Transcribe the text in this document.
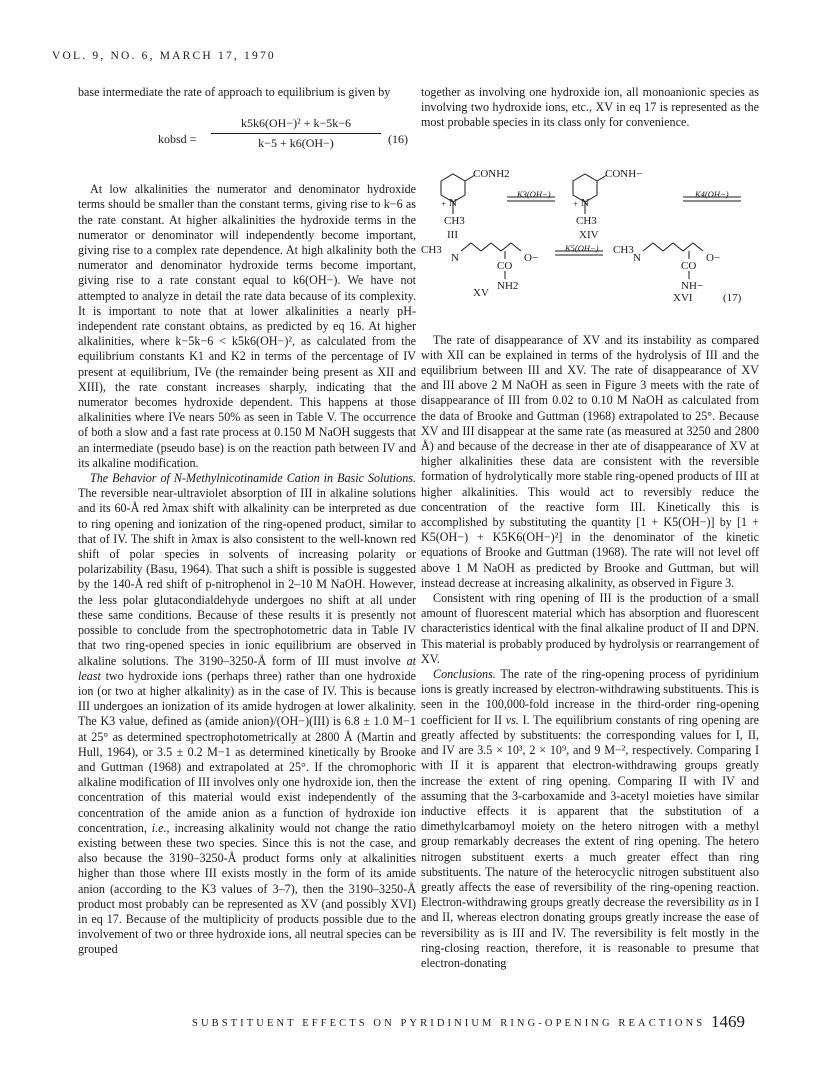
VOL. 9, NO. 6, MARCH 17, 1970

base intermediate the rate of approach to equilibrium is given by

kobsd = $\frac{\text{k5k6(OH−)² + k−5k−6}}{k-5 + k6(OH-)} (16)$

At low alkalinities the numerator and denominator hydroxide terms should be smaller than the constant terms, giving rise to k−6 as the rate constant. At higher alkalinities the hydroxide terms in the numerator or denominator will independently become important, giving rise to a complex rate dependence. At high alkalinity both the numerator and denominator hydroxide terms become important, giving rise to a rate constant equal to k6(OH−). We have not attempted to analyze in detail the rate data because of its complexity. It is important to note that at lower alkalinities a nearly pH-independent rate constant obtains, as predicted by eq 16. At higher alkalinities, where k−5k−6 < k5k6(OH−)², as calculated from the equilibrium constants K1 and K2 in terms of the percentage of IV present at equilibrium, IVe (the remainder being present as XII and XIII), the rate constant increases sharply, indicating that the numerator becomes hydroxide dependent. This happens at those alkalinities where IVe nears 50% as seen in Table V. The occurrence of both a slow and a fast rate process at 0.150 M NaOH suggests that an intermediate (pseudo base) is on the reaction path between IV and its alkaline modification.

The Behavior of N-Methylnicotinamide Cation in Basic Solutions. The reversible near-ultraviolet absorption of III in alkaline solutions and its 60-Å red λmax shift with alkalinity can be interpreted as due to ring opening and ionization of the ring-opened product, similar to that of IV. The shift in λmax is also consistent to the well-known red shift of polar species in solvents of increasing polarity or polarizability (Basu, 1964). That such a shift is possible is suggested by the 140-Å red shift of p-nitrophenol in 2–10 M NaOH. However, the less polar glutacondialdehyde undergoes no shift at all under these same conditions. Because of these results it is presently not possible to conclude from the spectrophotometric data in Table IV that two ring-opened species in ionic equilibrium are observed in alkaline solutions. The 3190–3250-Å form of III must involve at least two hydroxide ions (perhaps three) rather than one hydroxide ion (or two at higher alkalinity) as in the case of IV. This is because III undergoes an ionization of its amide hydrogen at lower alkalinity. The K3 value, defined as (amide anion)/(OH−)(III) is 6.8 ± 1.0 M−1 at 25° as determined spectrophotometrically at 2800 Å (Martin and Hull, 1964), or 3.5 ± 0.2 M−1 as determined kinetically by Brooke and Guttman (1968) and extrapolated at 25°. If the chromophoric alkaline modification of III involves only one hydroxide ion, then the concentration of this material would exist independently of the concentration of the amide anion as a function of hydroxide ion concentration, i.e., increasing alkalinity would not change the ratio existing between these two species. Since this is not the case, and also because the 3190–3250-Å product forms only at alkalinities higher than those where III exists mostly in the form of its amide anion (according to the K3 values of 3–7), then the 3190–3250-Å product most probably can be represented as XV (and possibly XVI) in eq 17. Because of the multiplicity of products possible due to the involvement of two or three hydroxide ions, all neutral species can be grouped

together as involving one hydroxide ion, all monoanionic species as involving two hydroxide ions, etc., XV in eq 17 is represented as the most probable species in its class only for convenience.

CONH2
N
+
CH3
III
K3(OH−)
CONH−
N
+
CH3
XIV
K4(OH−)
CH3
N	O−
CO
NH2
XV
K5(OH−) CH3
N	O−
CO
NH−
XVI	(17)

The rate of disappearance of XV and its instability as compared with XII can be explained in terms of the hydrolysis of III and the equilibrium between III and XV. The rate of disappearance of XV and III above 2 M NaOH as seen in Figure 3 meets with the rate of disappearance of III from 0.02 to 0.10 M NaOH as calculated from the data of Brooke and Guttman (1968) extrapolated to 25°. Because XV and III disappear at the same rate (as measured at 3250 and 2800 Å) and because of the decrease in ther ate of disappearance of XV at higher alkalinities these data are consistent with the reversible formation of hydrolytically more stable ring-opened products of III at higher alkalinities. This would act to reversibly reduce the concentration of the reactive form III. Kinetically this is accomplished by substituting the quantity [1 + K5(OH−)] by [1 + K5(OH−) + K5K6(OH−)²] in the denominator of the kinetic equations of Brooke and Guttman (1968). The rate will not level off above 1 M NaOH as predicted by Brooke and Guttman, but will instead decrease at increasing alkalinity, as observed in Figure 3.

Consistent with ring opening of III is the production of a small amount of fluorescent material which has absorption and fluorescent characteristics identical with the final alkaline product of II and DPN. This material is probably produced by hydrolysis or rearrangement of XV.

Conclusions. The rate of the ring-opening process of pyridinium ions is greatly increased by electron-withdrawing substituents. This is seen in the 100,000-fold increase in the third-order ring-opening coefficient for II vs. I. The equilibrium constants of ring opening are greatly affected by substituents: the corresponding values for I, II, and IV are 3.5 × 10³, 2 × 10⁹, and 9 M−², respectively. Comparing I with II it is apparent that electron-withdrawing groups greatly increase the extent of ring opening. Comparing II with IV and assuming that the 3-carboxamide and 3-acetyl moieties have similar inductive effects it is apparent that the substitution of a dimethylcarbamoyl moiety on the hetero nitrogen with a methyl group remarkably decreases the extent of ring opening. The hetero nitrogen substituent exerts a much greater effect than ring substituents. The nature of the heterocyclic nitrogen substituent also greatly affects the ease of reversibility of the ring-opening reaction. Electron-withdrawing groups greatly decrease the reversibility as in I and II, whereas electron donating groups greatly increase the ease of reversibility as is III and IV. The reversibility is felt mostly in the ring-closing reaction, therefore, it is reasonable to presume that electron-donating

SUBSTITUENT EFFECTS ON PYRIDINIUM RING-OPENING REACTIONS 1469
